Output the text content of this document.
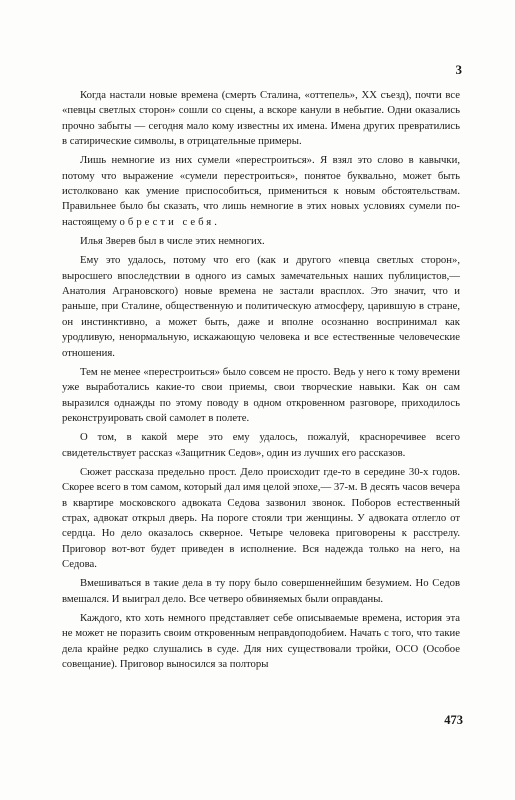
3

Когда настали новые времена (смерть Сталина, «оттепель», XX съезд), почти все «певцы светлых сторон» сошли со сцены, а вскоре канули в небытие. Одни оказались прочно забыты — сегодня мало кому известны их имена. Имена других превратились в сатирические символы, в отрицательные примеры.

Лишь немногие из них сумели «перестроиться». Я взял это слово в кавычки, потому что выражение «сумели перестроиться», понятое буквально, может быть истолковано как умение приспособиться, примениться к новым обстоятельствам. Правильнее было бы сказать, что лишь немногие в этих новых условиях сумели по-настоящему обрести себя.

Илья Зверев был в числе этих немногих.

Ему это удалось, потому что его (как и другого «певца светлых сторон», выросшего впоследствии в одного из самых замечательных наших публицистов,— Анатолия Аграновского) новые времена не застали врасплох. Это значит, что и раньше, при Сталине, общественную и политическую атмосферу, царившую в стране, он инстинктивно, а может быть, даже и вполне осознанно воспринимал как уродливую, ненормальную, искажающую человека и все естественные человеческие отношения.

Тем не менее «перестроиться» было совсем не просто. Ведь у него к тому времени уже выработались какие-то свои приемы, свои творческие навыки. Как он сам выразился однажды по этому поводу в одном откровенном разговоре, приходилось реконструировать свой самолет в полете.

О том, в какой мере это ему удалось, пожалуй, красноречивее всего свидетельствует рассказ «Защитник Седов», один из лучших его рассказов.

Сюжет рассказа предельно прост. Дело происходит где-то в середине 30-х годов. Скорее всего в том самом, который дал имя целой эпохе,— 37-м. В десять часов вечера в квартире московского адвоката Седова зазвонил звонок. Поборов естественный страх, адвокат открыл дверь. На пороге стояли три женщины. У адвоката отлегло от сердца. Но дело оказалось скверное. Четыре человека приговорены к расстрелу. Приговор вот-вот будет приведен в исполнение. Вся надежда только на него, на Седова.

Вмешиваться в такие дела в ту пору было совершеннейшим безумием. Но Седов вмешался. И выиграл дело. Все четверо обвиняемых были оправданы.

Каждого, кто хоть немного представляет себе описываемые времена, история эта не может не поразить своим откровенным неправдоподобием. Начать с того, что такие дела крайне редко слушались в суде. Для них существовали тройки, ОСО (Особое совещание). Приговор выносился за полторы

473
